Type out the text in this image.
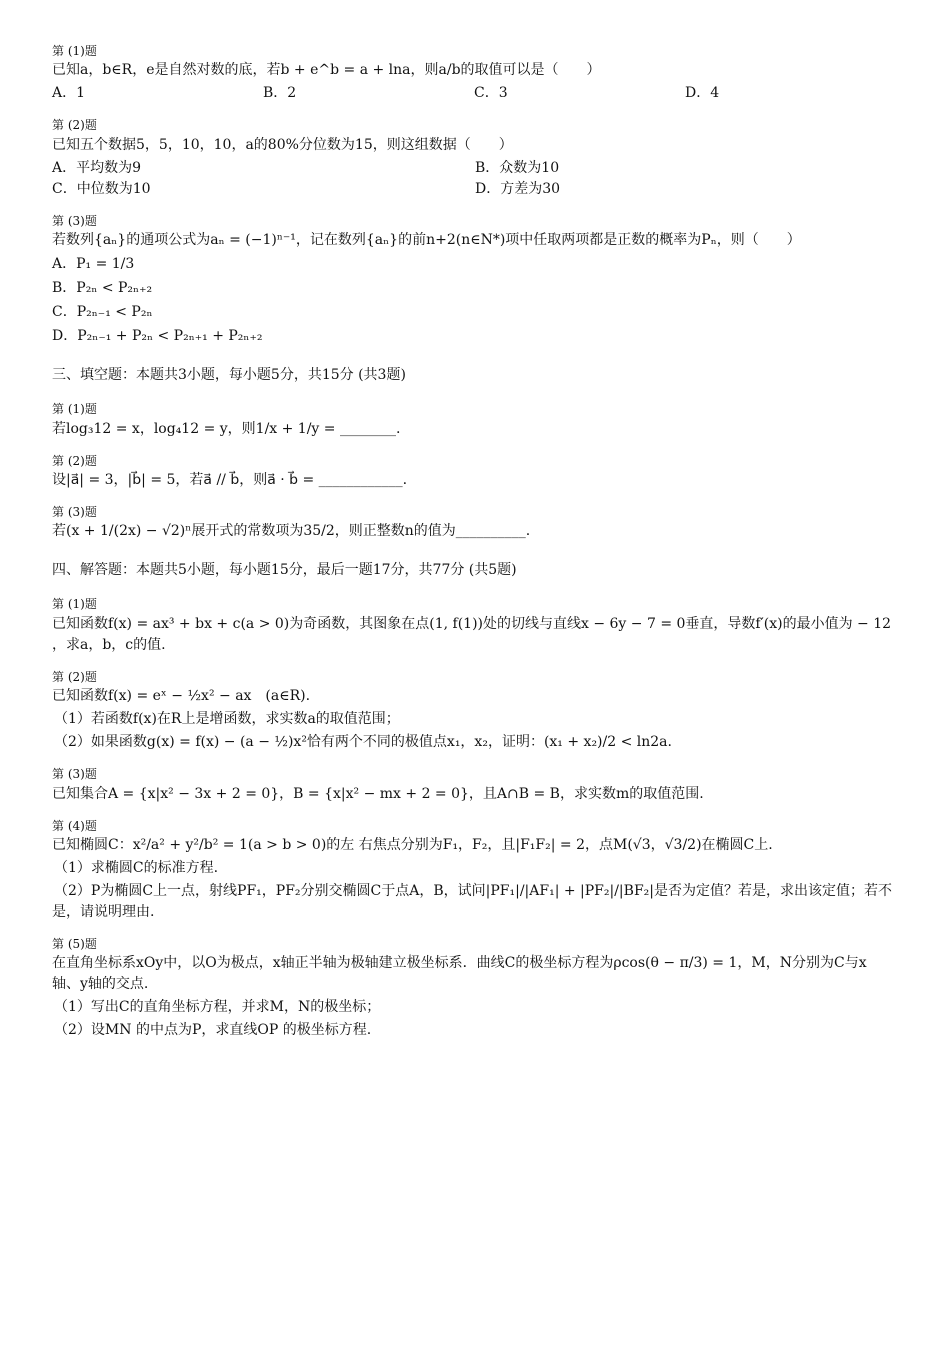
第 (1)题
已知a，b∈R，e是自然对数的底，若b + e^b = a + lna，则a/b的取值可以是（　　）
A．1	B．2	C．3	D．4
第 (2)题
已知五个数据5，5，10，10，a的80%分位数为15，则这组数据（　　）
A．平均数为9	B．众数为10
C．中位数为10	D．方差为30
第 (3)题
若数列{aₙ}的通项公式为aₙ = (−1)ⁿ⁻¹，记在数列{aₙ}的前n+2(n∈N*)项中任取两项都是正数的概率为Pₙ，则（　　）
A．P₁ = 1/3
B．P₂ₙ < P₂ₙ₊₂
C．P₂ₙ₋₁ < P₂ₙ
D．P₂ₙ₋₁ + P₂ₙ < P₂ₙ₊₁ + P₂ₙ₊₂
三、填空题：本题共3小题，每小题5分，共15分 (共3题)
第 (1)题
若log₃12 = x，log₄12 = y，则1/x + 1/y = ________.
第 (2)题
设|a⃗| = 3，|b⃗| = 5，若a⃗ // b⃗，则a⃗ · b⃗ = ____________.
第 (3)题
若(x + 1/(2x) − √2)ⁿ展开式的常数项为35/2，则正整数n的值为__________.
四、解答题：本题共5小题，每小题15分，最后一题17分，共77分 (共5题)
第 (1)题
已知函数f(x) = ax³ + bx + c(a > 0)为奇函数，其图象在点(1, f(1))处的切线与直线x − 6y − 7 = 0垂直，导数f′(x)的最小值为 − 12
，求a，b，c的值.
第 (2)题
已知函数f(x) = eˣ − ½x² − ax　(a∈R).
（1）若函数f(x)在R上是增函数，求实数a的取值范围；
（2）如果函数g(x) = f(x) − (a − ½)x²恰有两个不同的极值点x₁，x₂，证明：(x₁ + x₂)/2 < ln2a.
第 (3)题
已知集合A = {x|x² − 3x + 2 = 0}，B = {x|x² − mx + 2 = 0}，且A∩B = B，求实数m的取值范围.
第 (4)题
已知椭圆C：x²/a² + y²/b² = 1(a > b > 0)的左 右焦点分别为F₁，F₂，且|F₁F₂| = 2，点M(√3，√3/2)在椭圆C上.
（1）求椭圆C的标准方程.
（2）P为椭圆C上一点，射线PF₁，PF₂分别交椭圆C于点A，B，试问|PF₁|/|AF₁| + |PF₂|/|BF₂|是否为定值？若是，求出该定值；若不
是，请说明理由.
第 (5)题
在直角坐标系xOy中，以O为极点，x轴正半轴为极轴建立极坐标系．曲线C的极坐标方程为ρcos(θ − π/3) = 1，M，N分别为C与x
轴、y轴的交点.
（1）写出C的直角坐标方程，并求M，N的极坐标；
（2）设MN 的中点为P，求直线OP 的极坐标方程.
